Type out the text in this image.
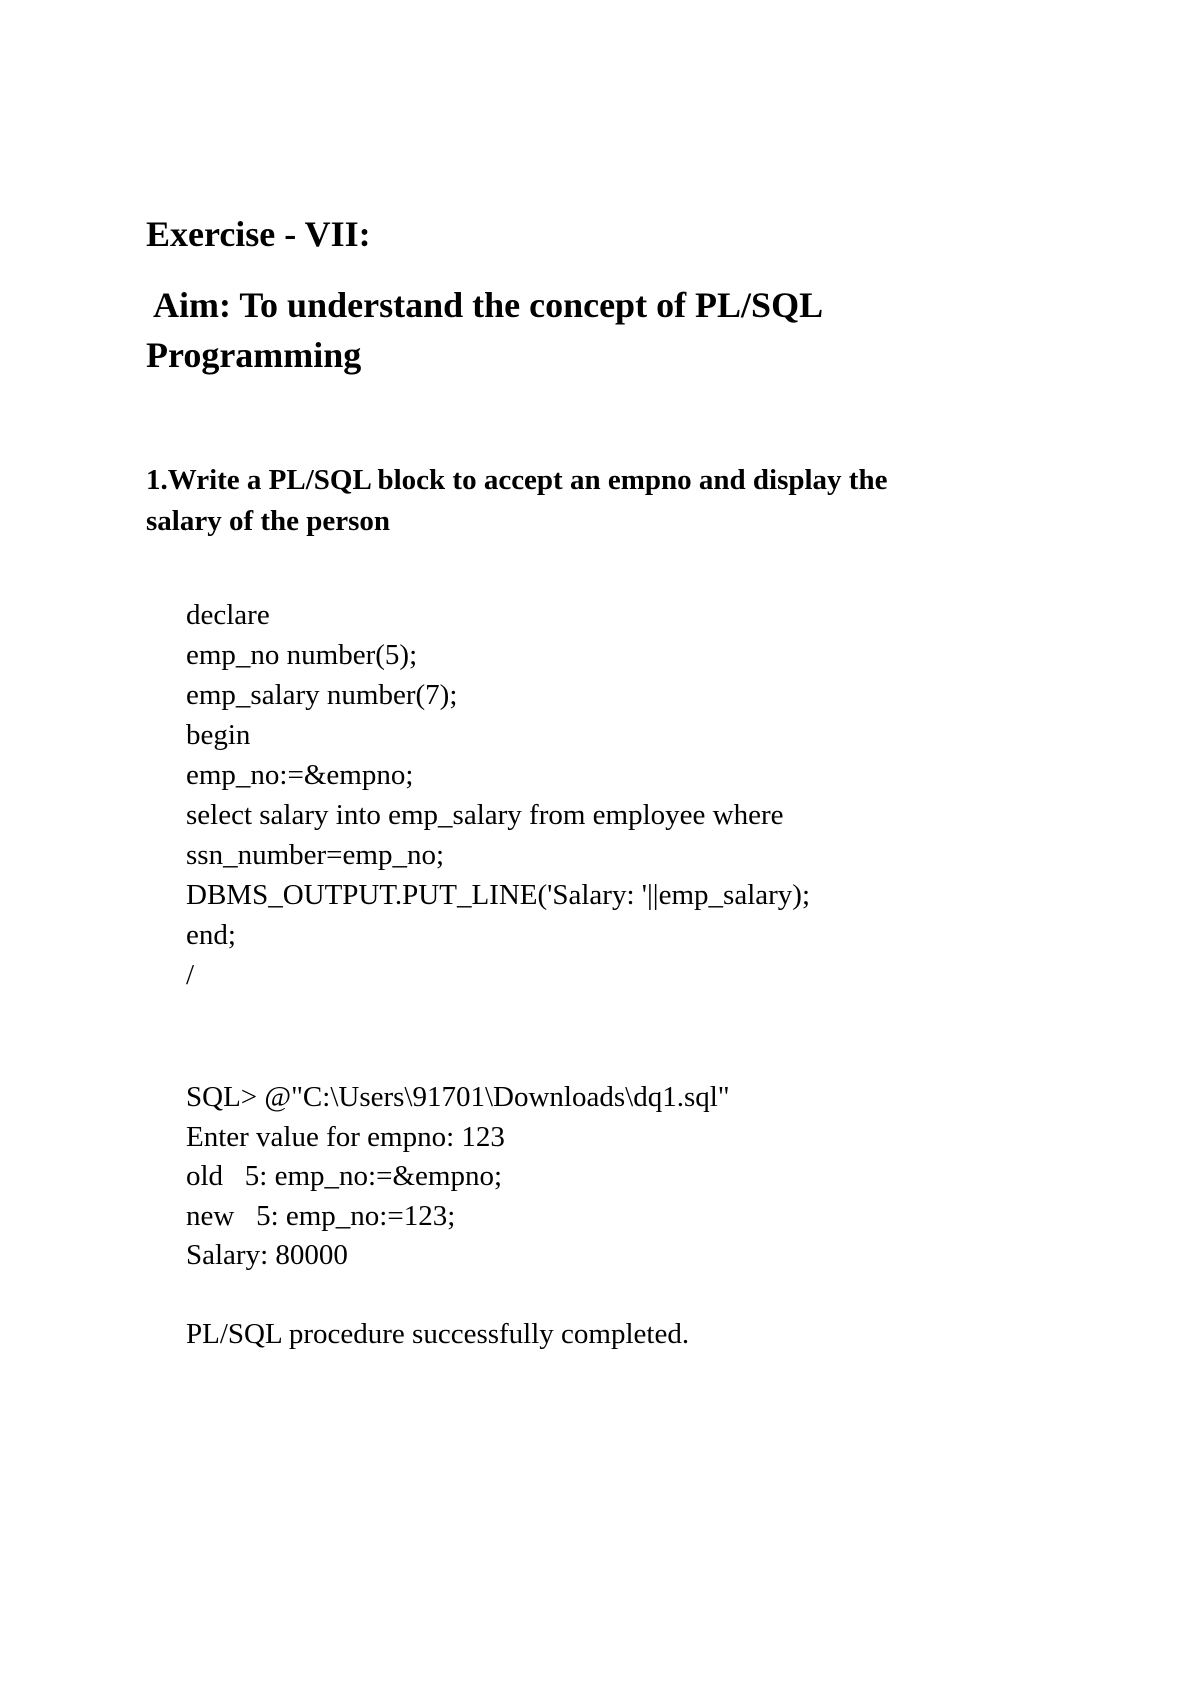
Exercise - VII:
Aim: To understand the concept of PL/SQL
Programming
1.Write a PL/SQL block to accept an empno and display the
salary of the person
declare
emp_no number(5);
emp_salary number(7);
begin
emp_no:=&empno;
select salary into emp_salary from employee where
ssn_number=emp_no;
DBMS_OUTPUT.PUT_LINE('Salary: '||emp_salary);
end;
/
SQL> @"C:\Users\91701\Downloads\dq1.sql"
Enter value for empno: 123
old   5: emp_no:=&empno;
new   5: emp_no:=123;
Salary: 80000
PL/SQL procedure successfully completed.
